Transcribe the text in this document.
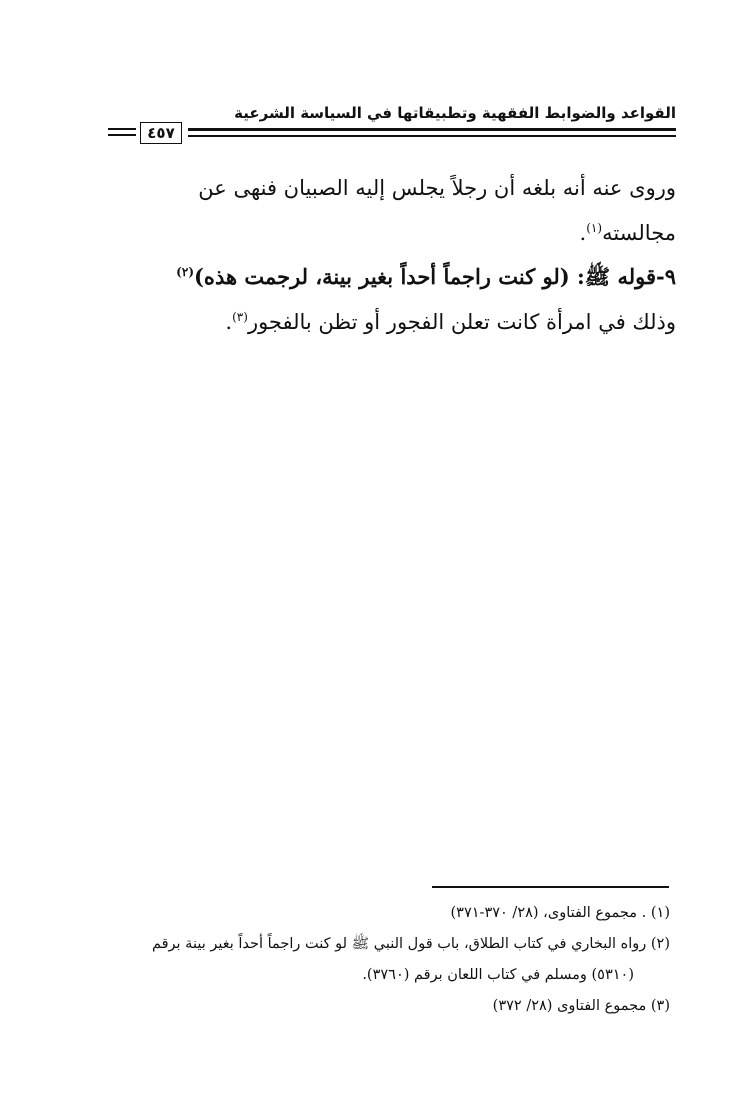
القواعد والضوابط الفقهية وتطبيقاتها في السياسة الشرعية
٤٥٧

وروى عنه أنه بلغه أن رجلاً يجلس إليه الصبيان فنهى عن

مجالسته$^{(١)}$.

٩-قوله ﷺ: (لو كنت راجماً أحداً بغير بينة، لرجمت هذه)$^{(٢)}$

وذلك في امرأة كانت تعلن الفجور أو تظن بالفجور$^{(٣)}$.

(١) . مجموع الفتاوى، (٢٨/ ٣٧٠-٣٧١)

(٢) رواه البخاري في كتاب الطلاق، باب قول النبي ﷺ لو كنت راجماً أحداً بغير بينة برقم

(٥٣١٠) ومسلم في كتاب اللعان برقم (٣٧٦٠).

(٣) مجموع الفتاوى (٢٨/ ٣٧٢)
